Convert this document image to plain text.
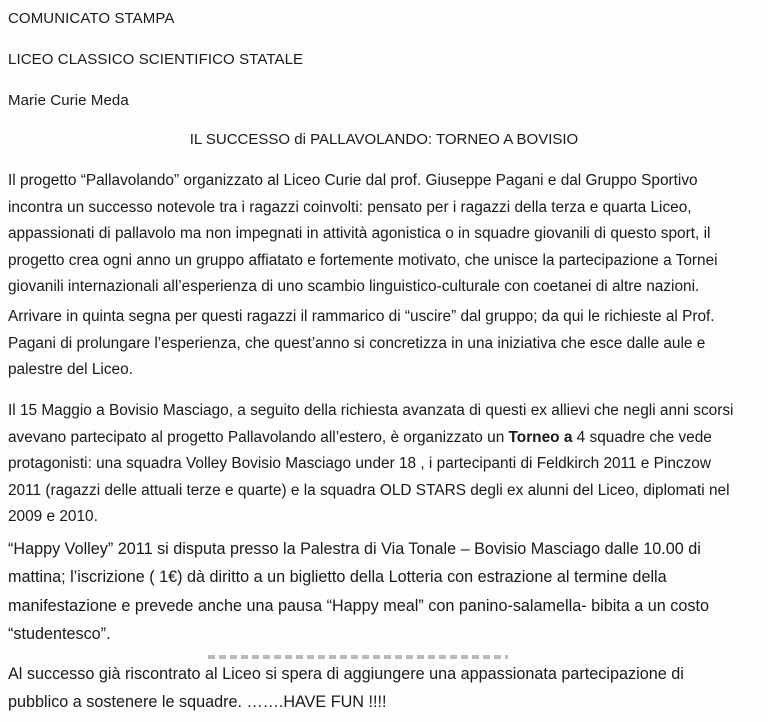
COMUNICATO STAMPA
LICEO CLASSICO SCIENTIFICO STATALE
Marie Curie Meda
IL SUCCESSO di PALLAVOLANDO: TORNEO A BOVISIO
Il progetto “Pallavolando” organizzato al Liceo Curie dal prof. Giuseppe Pagani e dal Gruppo Sportivo
incontra un successo notevole tra i ragazzi coinvolti: pensato per i ragazzi della terza e quarta Liceo,
appassionati di pallavolo ma non impegnati in attività agonistica o in squadre giovanili di questo sport, il
progetto crea ogni anno un gruppo affiatato e fortemente motivato, che unisce la partecipazione a Tornei
giovanili internazionali all’esperienza di uno scambio linguistico-culturale con coetanei di altre nazioni.
Arrivare in quinta segna per questi ragazzi il rammarico di “uscire” dal gruppo; da qui le richieste al Prof.
Pagani di prolungare l’esperienza, che quest’anno si concretizza in una iniziativa che esce dalle aule e
palestre del Liceo.
Il 15 Maggio a Bovisio Masciago, a seguito della richiesta avanzata di questi ex allievi che negli anni scorsi
avevano partecipato al progetto Pallavolando all’estero, è organizzato un Torneo a 4 squadre che vede
protagonisti: una squadra Volley Bovisio Masciago under 18 , i partecipanti di Feldkirch 2011 e Pinczow
2011 (ragazzi delle attuali terze e quarte) e la squadra OLD STARS degli ex alunni del Liceo, diplomati nel
2009 e 2010.
“Happy Volley” 2011 si disputa presso la Palestra di Via Tonale – Bovisio Masciago dalle 10.00 di
mattina; l’iscrizione ( 1€) dà diritto a un biglietto della Lotteria con estrazione al termine della
manifestazione e prevede anche una pausa “Happy meal” con panino-salamella- bibita a un costo
“studentesco”.
Al successo già riscontrato al Liceo si spera di aggiungere una appassionata partecipazione di
pubblico a sostenere le squadre. …….HAVE FUN !!!!
